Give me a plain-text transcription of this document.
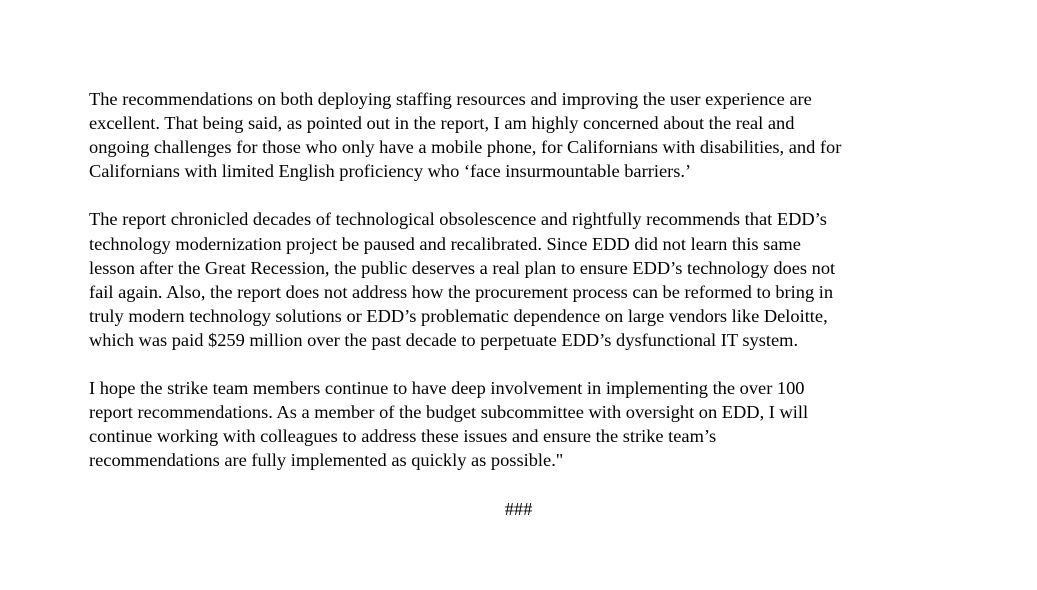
The recommendations on both deploying staffing resources and improving the user experience are
excellent. That being said, as pointed out in the report, I am highly concerned about the real and
ongoing challenges for those who only have a mobile phone, for Californians with disabilities, and for
Californians with limited English proficiency who ‘face insurmountable barriers.’

The report chronicled decades of technological obsolescence and rightfully recommends that EDD’s
technology modernization project be paused and recalibrated. Since EDD did not learn this same
lesson after the Great Recession, the public deserves a real plan to ensure EDD’s technology does not
fail again. Also, the report does not address how the procurement process can be reformed to bring in
truly modern technology solutions or EDD’s problematic dependence on large vendors like Deloitte,
which was paid $259 million over the past decade to perpetuate EDD’s dysfunctional IT system.

I hope the strike team members continue to have deep involvement in implementing the over 100
report recommendations. As a member of the budget subcommittee with oversight on EDD, I will
continue working with colleagues to address these issues and ensure the strike team’s
recommendations are fully implemented as quickly as possible."

###
